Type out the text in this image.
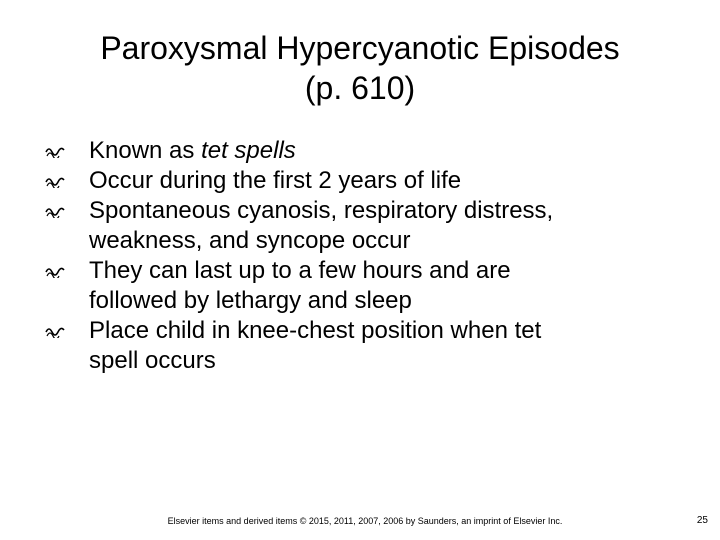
Paroxysmal Hypercyanotic Episodes
(p. 610)
Known as tet spells
Occur during the first 2 years of life
Spontaneous cyanosis, respiratory distress,
weakness, and syncope occur
They can last up to a few hours and are
followed by lethargy and sleep
Place child in knee-chest position when tet
spell occurs
Elsevier items and derived items © 2015, 2011, 2007, 2006 by Saunders, an imprint of Elsevier Inc.	25
